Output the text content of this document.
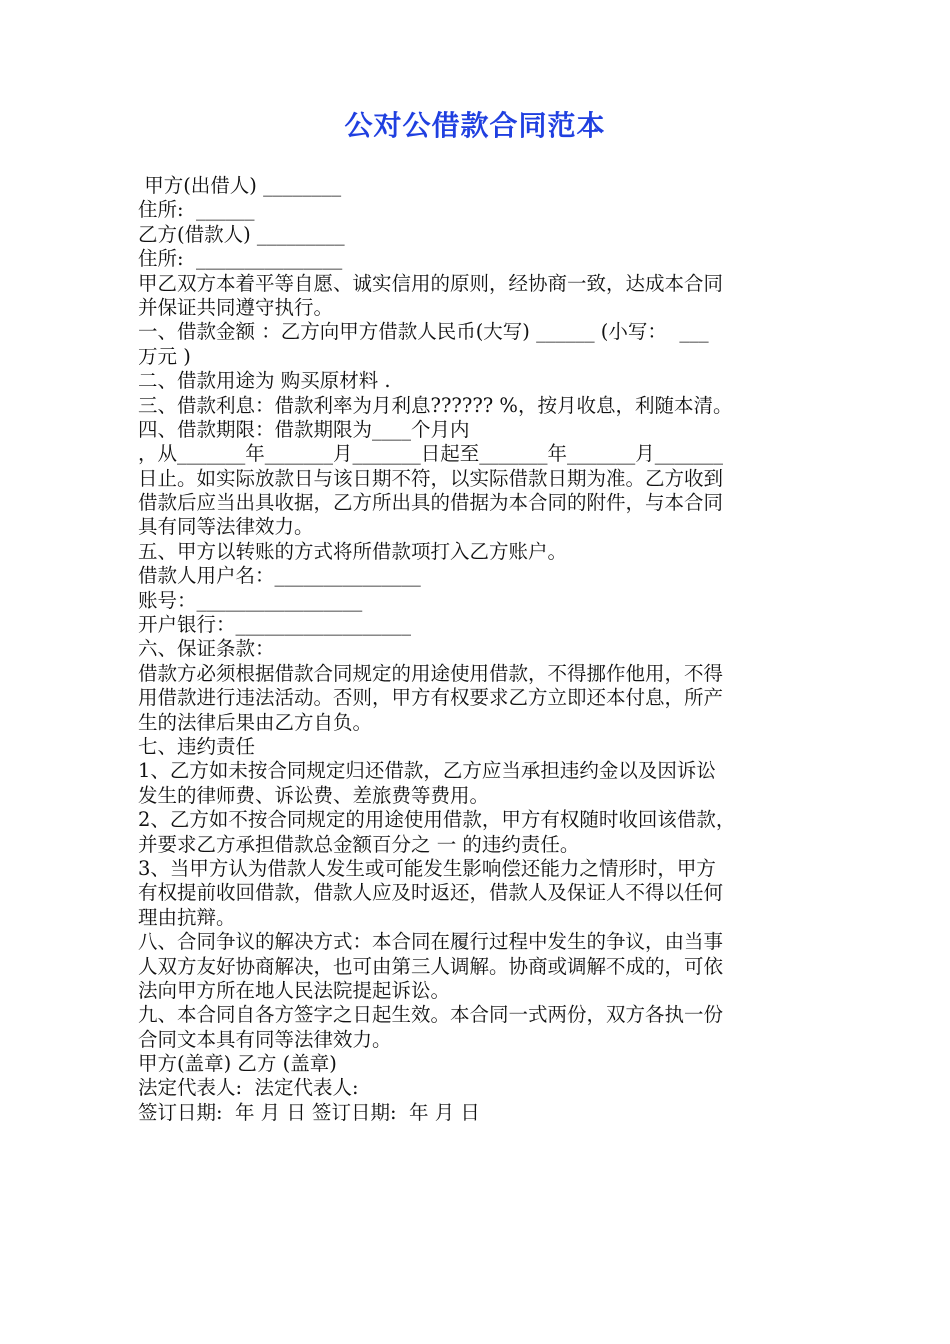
公对公借款合同范本
甲方(出借人) ________
住所:  ______
乙方(借款人) _________
住所:  _______________
甲乙双方本着平等自愿、诚实信用的原则，经协商一致，达成本合同
并保证共同遵守执行。
一、借款金额 ：乙方向甲方借款人民币(大写) ______ (小写：  ___
万元 )
二、借款用途为 购买原材料 .
三、借款利息：借款利率为月利息?????? %，按月收息，利随本清。
四、借款期限：借款期限为____个月内
，从_______年_______月_______日起至_______年_______月_______
日止。如实际放款日与该日期不符，以实际借款日期为准。乙方收到
借款后应当出具收据，乙方所出具的借据为本合同的附件，与本合同
具有同等法律效力。
五、甲方以转账的方式将所借款项打入乙方账户。
借款人用户名：_______________
账号：_________________
开户银行：__________________
六、保证条款：
借款方必须根据借款合同规定的用途使用借款，不得挪作他用，不得
用借款进行违法活动。否则，甲方有权要求乙方立即还本付息，所产
生的法律后果由乙方自负。
七、违约责任
1、乙方如未按合同规定归还借款，乙方应当承担违约金以及因诉讼
发生的律师费、诉讼费、差旅费等费用。
2、乙方如不按合同规定的用途使用借款，甲方有权随时收回该借款，
并要求乙方承担借款总金额百分之 一 的违约责任。
3、当甲方认为借款人发生或可能发生影响偿还能力之情形时，甲方
有权提前收回借款，借款人应及时返还，借款人及保证人不得以任何
理由抗辩。
八、合同争议的解决方式：本合同在履行过程中发生的争议，由当事
人双方友好协商解决，也可由第三人调解。协商或调解不成的，可依
法向甲方所在地人民法院提起诉讼。
九、本合同自各方签字之日起生效。本合同一式两份，双方各执一份
合同文本具有同等法律效力。
甲方(盖章) 乙方 (盖章)
法定代表人:  法定代表人:
签订日期:  年 月 日 签订日期:  年 月 日
